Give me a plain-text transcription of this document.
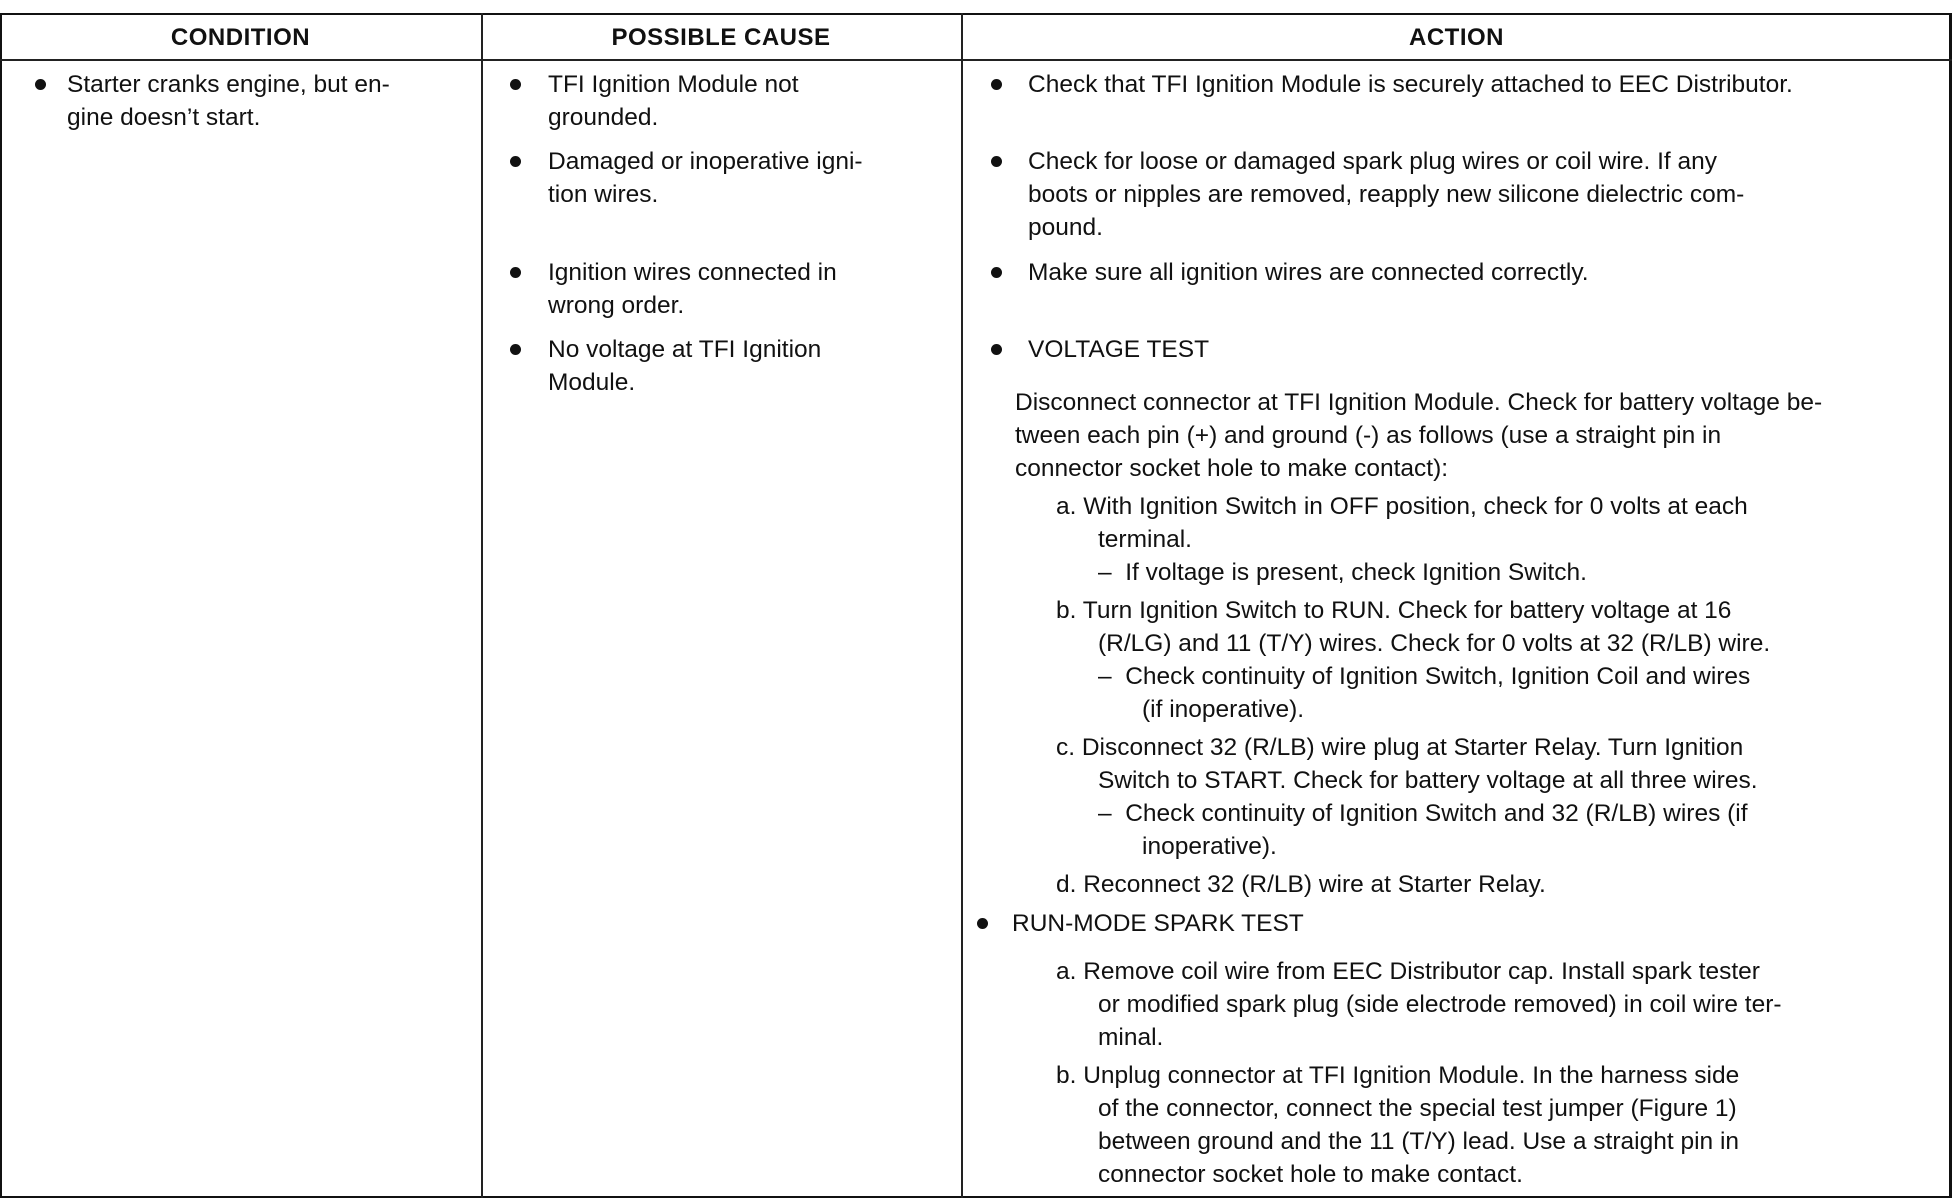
CONDITION	POSSIBLE CAUSE	ACTION
Starter cranks engine, but en-
gine doesn’t start.
TFI Ignition Module not
grounded.
Damaged or inoperative igni-
tion wires.
Ignition wires connected in
wrong order.
No voltage at TFI Ignition
Module.
Check that TFI Ignition Module is securely attached to EEC Distributor.
Check for loose or damaged spark plug wires or coil wire. If any
boots or nipples are removed, reapply new silicone dielectric com-
pound.
Make sure all ignition wires are connected correctly.
VOLTAGE TEST
Disconnect connector at TFI Ignition Module. Check for battery voltage be-
tween each pin (+) and ground (-) as follows (use a straight pin in
connector socket hole to make contact):
a. With Ignition Switch in OFF position, check for 0 volts at each
terminal.
–  If voltage is present, check Ignition Switch.
b. Turn Ignition Switch to RUN. Check for battery voltage at 16
(R/LG) and 11 (T/Y) wires. Check for 0 volts at 32 (R/LB) wire.
–  Check continuity of Ignition Switch, Ignition Coil and wires
(if inoperative).
c. Disconnect 32 (R/LB) wire plug at Starter Relay. Turn Ignition
Switch to START. Check for battery voltage at all three wires.
–  Check continuity of Ignition Switch and 32 (R/LB) wires (if
inoperative).
d. Reconnect 32 (R/LB) wire at Starter Relay.
RUN-MODE SPARK TEST
a. Remove coil wire from EEC Distributor cap. Install spark tester
or modified spark plug (side electrode removed) in coil wire ter-
minal.
b. Unplug connector at TFI Ignition Module. In the harness side
of the connector, connect the special test jumper (Figure 1)
between ground and the 11 (T/Y) lead. Use a straight pin in
connector socket hole to make contact.
